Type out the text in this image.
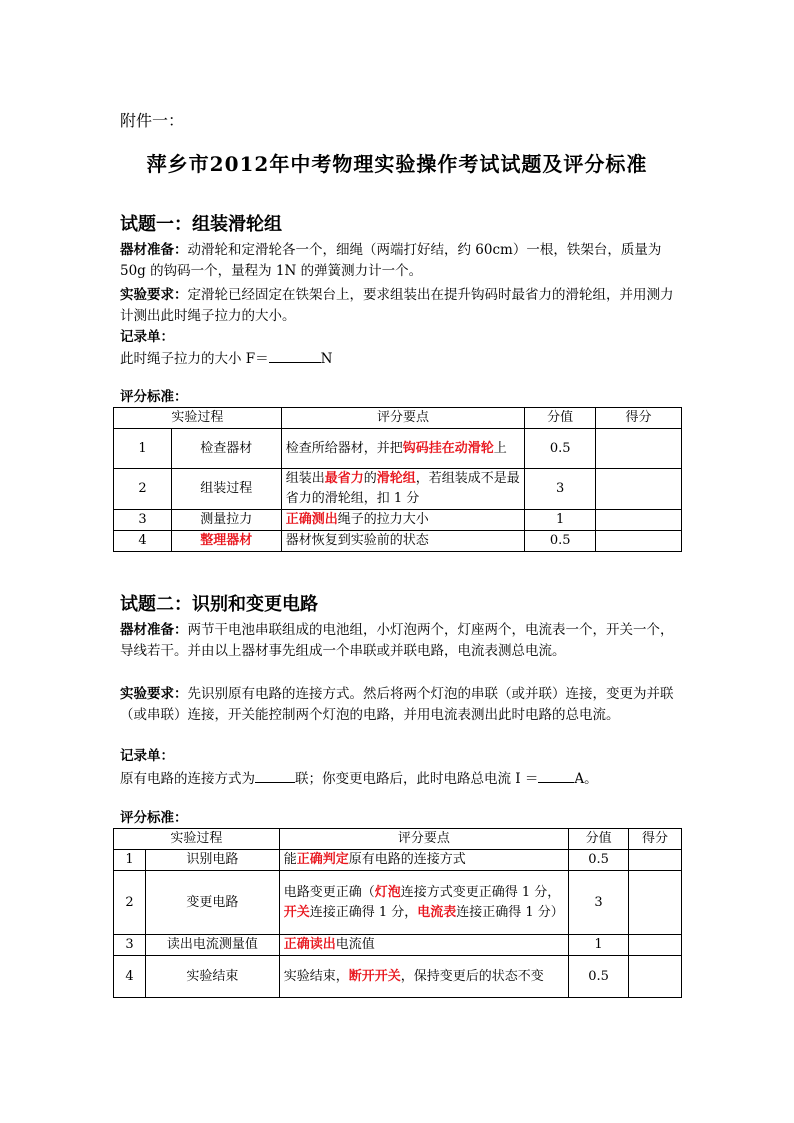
附件一：
萍乡市2012年中考物理实验操作考试试题及评分标准
试题一：组装滑轮组
器材准备：动滑轮和定滑轮各一个，细绳（两端打好结，约 60cm）一根，铁架台，质量为 50g 的钩码一个，量程为 1N 的弹簧测力计一个。
实验要求：定滑轮已经固定在铁架台上，要求组装出在提升钩码时最省力的滑轮组，并用测力计测出此时绳子拉力的大小。
记录单：
此时绳子拉力的大小 F＝	N
评分标准：
实验过程		评分要点	分值	得分
1	检查器材	检查所给器材，并把钩码挂在动滑轮上	0.5	
2	组装过程	组装出最省力的滑轮组，若组装成不是最省力的滑轮组，扣 1 分	3	
3	测量拉力	正确测出绳子的拉力大小	1	
4	整理器材	器材恢复到实验前的状态	0.5	
试题二：识别和变更电路
器材准备：两节干电池串联组成的电池组，小灯泡两个，灯座两个，电流表一个，开关一个，导线若干。并由以上器材事先组成一个串联或并联电路，电流表测总电流。
实验要求：先识别原有电路的连接方式。然后将两个灯泡的串联（或并联）连接，变更为并联（或串联）连接，开关能控制两个灯泡的电路，并用电流表测出此时电路的总电流。
记录单：
原有电路的连接方式为	联；你变更电路后，此时电路总电流 I ＝	A。
评分标准：
实验过程		评分要点	分值	得分
1	识别电路	能正确判定原有电路的连接方式	0.5	
2	变更电路	电路变更正确（灯泡连接方式变更正确得 1 分，开关连接正确得 1 分，电流表连接正确得 1 分）	3	
3	读出电流测量值	正确读出电流值	1	
4	实验结束	实验结束，断开开关，保持变更后的状态不变	0.5	
